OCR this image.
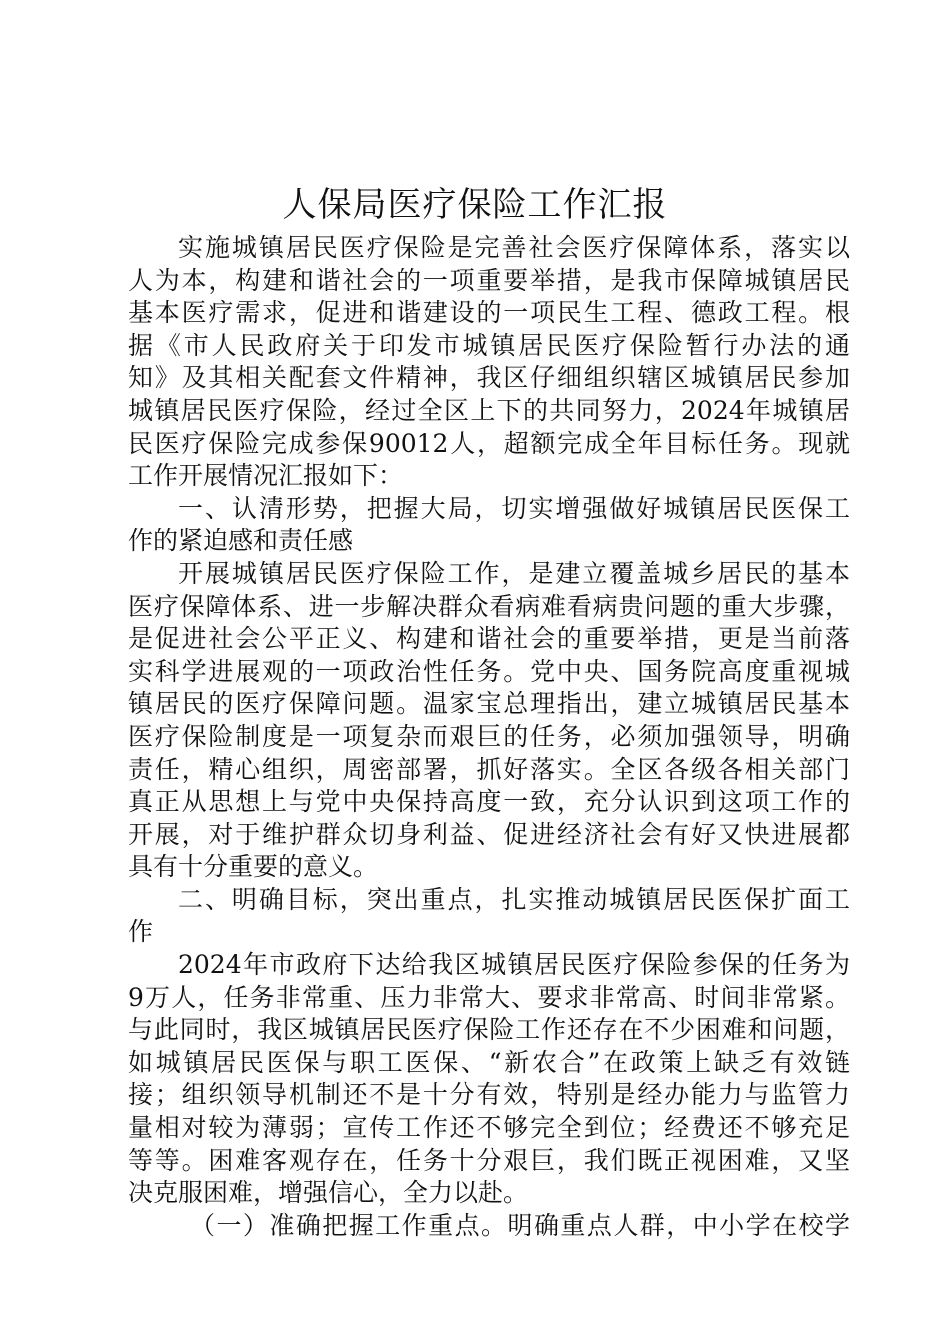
人保局医疗保险工作汇报
实施城镇居民医疗保险是完善社会医疗保障体系，落实以
人为本，构建和谐社会的一项重要举措，是我市保障城镇居民
基本医疗需求，促进和谐建设的一项民生工程、德政工程。根
据《市人民政府关于印发市城镇居民医疗保险暂行办法的通
知》及其相关配套文件精神，我区仔细组织辖区城镇居民参加
城镇居民医疗保险，经过全区上下的共同努力，2024年城镇居
民医疗保险完成参保90012人，超额完成全年目标任务。现就
工作开展情况汇报如下：
一、认清形势，把握大局，切实增强做好城镇居民医保工
作的紧迫感和责任感
开展城镇居民医疗保险工作，是建立覆盖城乡居民的基本
医疗保障体系、进一步解决群众看病难看病贵问题的重大步骤，
是促进社会公平正义、构建和谐社会的重要举措，更是当前落
实科学进展观的一项政治性任务。党中央、国务院高度重视城
镇居民的医疗保障问题。温家宝总理指出，建立城镇居民基本
医疗保险制度是一项复杂而艰巨的任务，必须加强领导，明确
责任，精心组织，周密部署，抓好落实。全区各级各相关部门
真正从思想上与党中央保持高度一致，充分认识到这项工作的
开展，对于维护群众切身利益、促进经济社会有好又快进展都
具有十分重要的意义。
二、明确目标，突出重点，扎实推动城镇居民医保扩面工
作
2024年市政府下达给我区城镇居民医疗保险参保的任务为
9万人，任务非常重、压力非常大、要求非常高、时间非常紧。
与此同时，我区城镇居民医疗保险工作还存在不少困难和问题，
如城镇居民医保与职工医保、“新农合”在政策上缺乏有效链
接；组织领导机制还不是十分有效，特别是经办能力与监管力
量相对较为薄弱；宣传工作还不够完全到位；经费还不够充足
等等。困难客观存在，任务十分艰巨，我们既正视困难，又坚
决克服困难，增强信心，全力以赴。
（一）准确把握工作重点。明确重点人群，中小学在校学
